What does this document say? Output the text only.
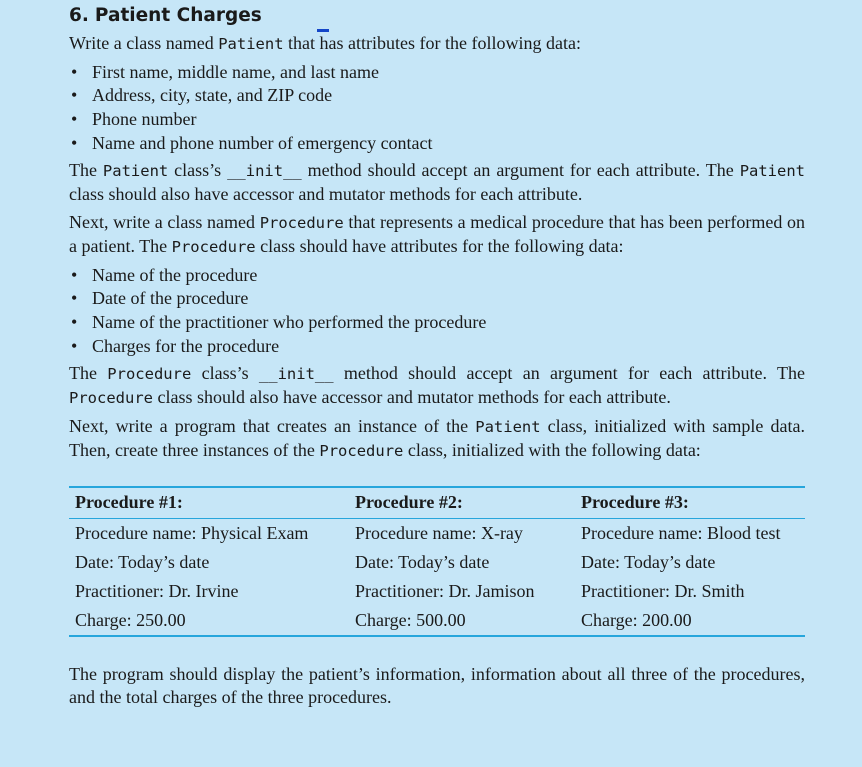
6. Patient Charges

Write a class named Patient that has attributes for the following data:

• First name, middle name, and last name
• Address, city, state, and ZIP code
• Phone number
• Name and phone number of emergency contact

The Patient class’s __init__ method should accept an argument for each attribute. The Patient class should also have accessor and mutator methods for each attribute.

Next, write a class named Procedure that represents a medical procedure that has been performed on a patient. The Procedure class should have attributes for the following data:

• Name of the procedure
• Date of the procedure
• Name of the practitioner who performed the procedure
• Charges for the procedure

The Procedure class’s __init__ method should accept an argument for each attribute. The Procedure class should also have accessor and mutator methods for each attribute.

Next, write a program that creates an instance of the Patient class, initialized with sample data. Then, create three instances of the Procedure class, initialized with the following data:

Procedure #1:	Procedure #2:	Procedure #3:
Procedure name: Physical Exam	Procedure name: X-ray	Procedure name: Blood test
Date: Today’s date	Date: Today’s date	Date: Today’s date
Practitioner: Dr. Irvine	Practitioner: Dr. Jamison	Practitioner: Dr. Smith
Charge: 250.00	Charge: 500.00	Charge: 200.00

The program should display the patient’s information, information about all three of the procedures, and the total charges of the three procedures.
